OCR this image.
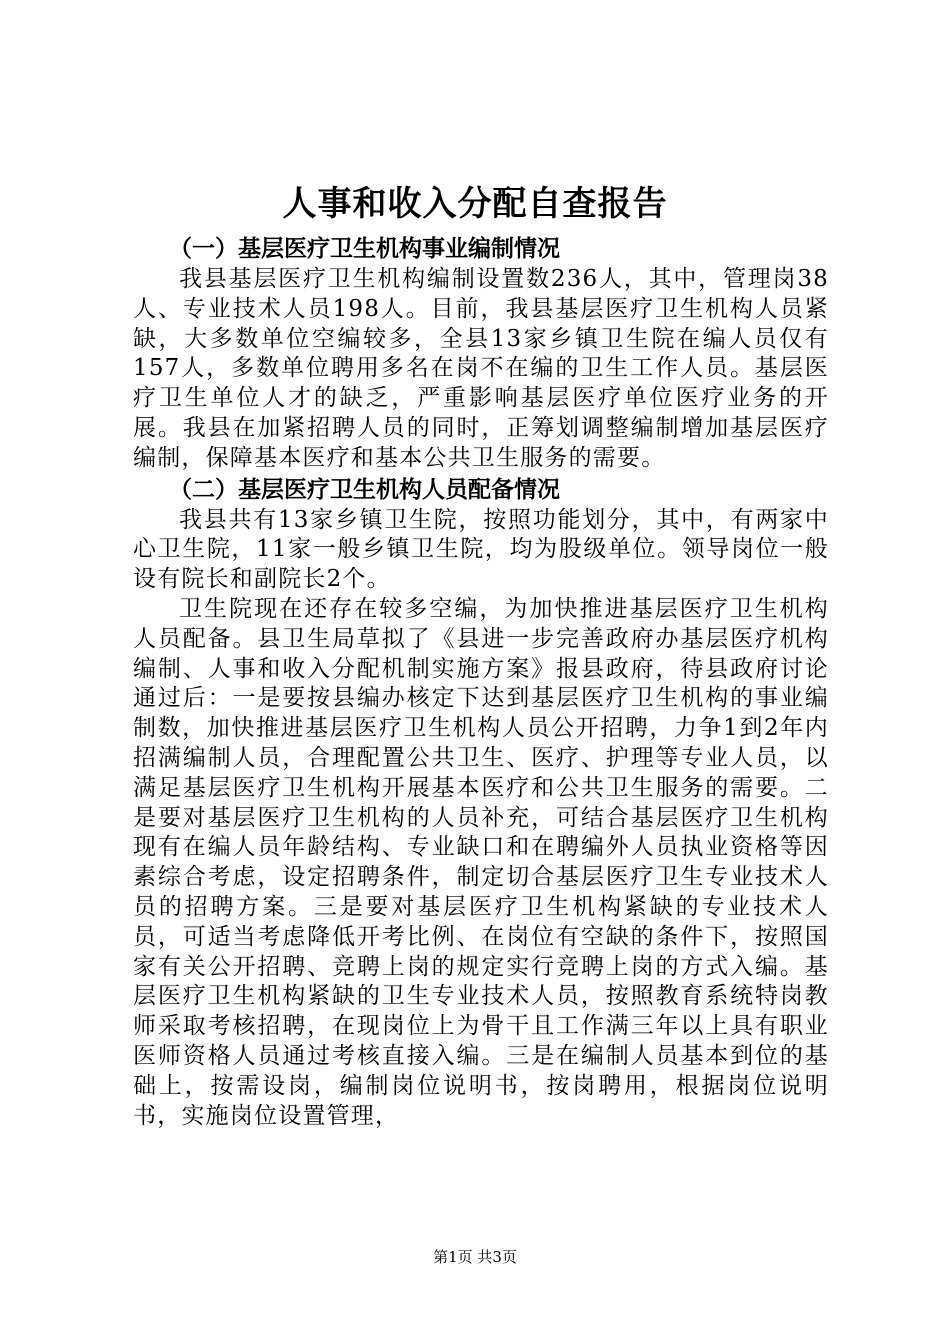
人事和收入分配自查报告
（一）基层医疗卫生机构事业编制情况

我县基层医疗卫生机构编制设置数236人，其中，管理岗38人、专业技术人员198人。目前，我县基层医疗卫生机构人员紧缺，大多数单位空编较多，全县13家乡镇卫生院在编人员仅有157人，多数单位聘用多名在岗不在编的卫生工作人员。基层医疗卫生单位人才的缺乏，严重影响基层医疗单位医疗业务的开展。我县在加紧招聘人员的同时，正筹划调整编制增加基层医疗编制，保障基本医疗和基本公共卫生服务的需要。

（二）基层医疗卫生机构人员配备情况

我县共有13家乡镇卫生院，按照功能划分，其中，有两家中心卫生院，11家一般乡镇卫生院，均为股级单位。领导岗位一般设有院长和副院长2个。

卫生院现在还存在较多空编，为加快推进基层医疗卫生机构人员配备。县卫生局草拟了《县进一步完善政府办基层医疗机构编制、人事和收入分配机制实施方案》报县政府，待县政府讨论通过后：一是要按县编办核定下达到基层医疗卫生机构的事业编制数，加快推进基层医疗卫生机构人员公开招聘，力争1到2年内招满编制人员，合理配置公共卫生、医疗、护理等专业人员，以满足基层医疗卫生机构开展基本医疗和公共卫生服务的需要。二是要对基层医疗卫生机构的人员补充，可结合基层医疗卫生机构现有在编人员年龄结构、专业缺口和在聘编外人员执业资格等因素综合考虑，设定招聘条件，制定切合基层医疗卫生专业技术人员的招聘方案。三是要对基层医疗卫生机构紧缺的专业技术人员，可适当考虑降低开考比例、在岗位有空缺的条件下，按照国家有关公开招聘、竞聘上岗的规定实行竞聘上岗的方式入编。基层医疗卫生机构紧缺的卫生专业技术人员，按照教育系统特岗教师采取考核招聘，在现岗位上为骨干且工作满三年以上具有职业医师资格人员通过考核直接入编。三是在编制人员基本到位的基础上，按需设岗，编制岗位说明书，按岗聘用，根据岗位说明书，实施岗位设置管理，

第1页 共3页
